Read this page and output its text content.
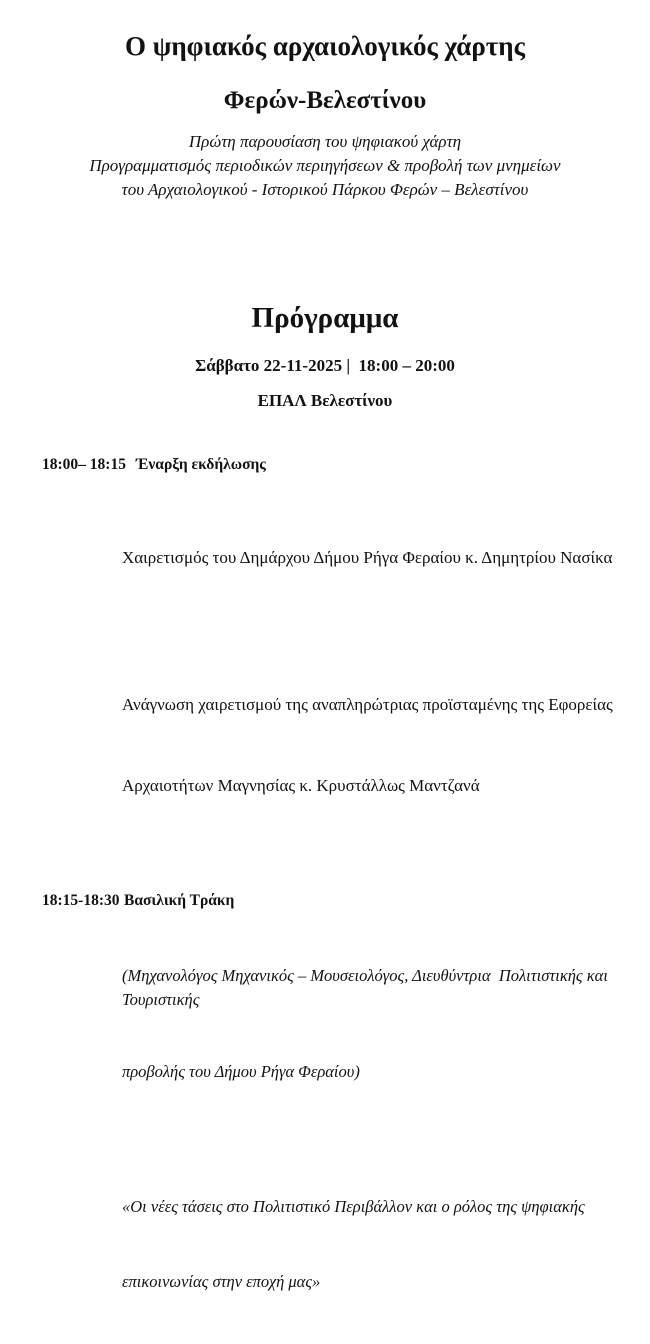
Ο ψηφιακός αρχαιολογικός χάρτης
Φερών-Βελεστίνου
Πρώτη παρουσίαση του ψηφιακού χάρτη
Προγραμματισμός περιοδικών περιηγήσεων & προβολή των μνημείων
του Αρχαιολογικού - Ιστορικού Πάρκου Φερών – Βελεστίνου
Πρόγραμμα
Σάββατο 22-11-2025 |  18:00 – 20:00
ΕΠΑΛ Βελεστίνου
18:00– 18:15 Έναρξη εκδήλωσης

Χαιρετισμός του Δημάρχου Δήμου Ρήγα Φεραίου κ. Δημητρίου Νασίκα

Ανάγνωση χαιρετισμού της αναπληρώτριας προϊσταμένης της Εφορείας

Αρχαιοτήτων Μαγνησίας κ. Κρυστάλλως Μαντζανά

18:15-18:30 Βασιλική Τράκη

(Μηχανολόγος Μηχανικός – Μουσειολόγος, Διευθύντρια  Πολιτιστικής και Τουριστικής

προβολής του Δήμου Ρήγα Φεραίου)

«Οι νέες τάσεις στο Πολιτιστικό Περιβάλλον και ο ρόλος της ψηφιακής

επικοινωνίας στην εποχή μας»
